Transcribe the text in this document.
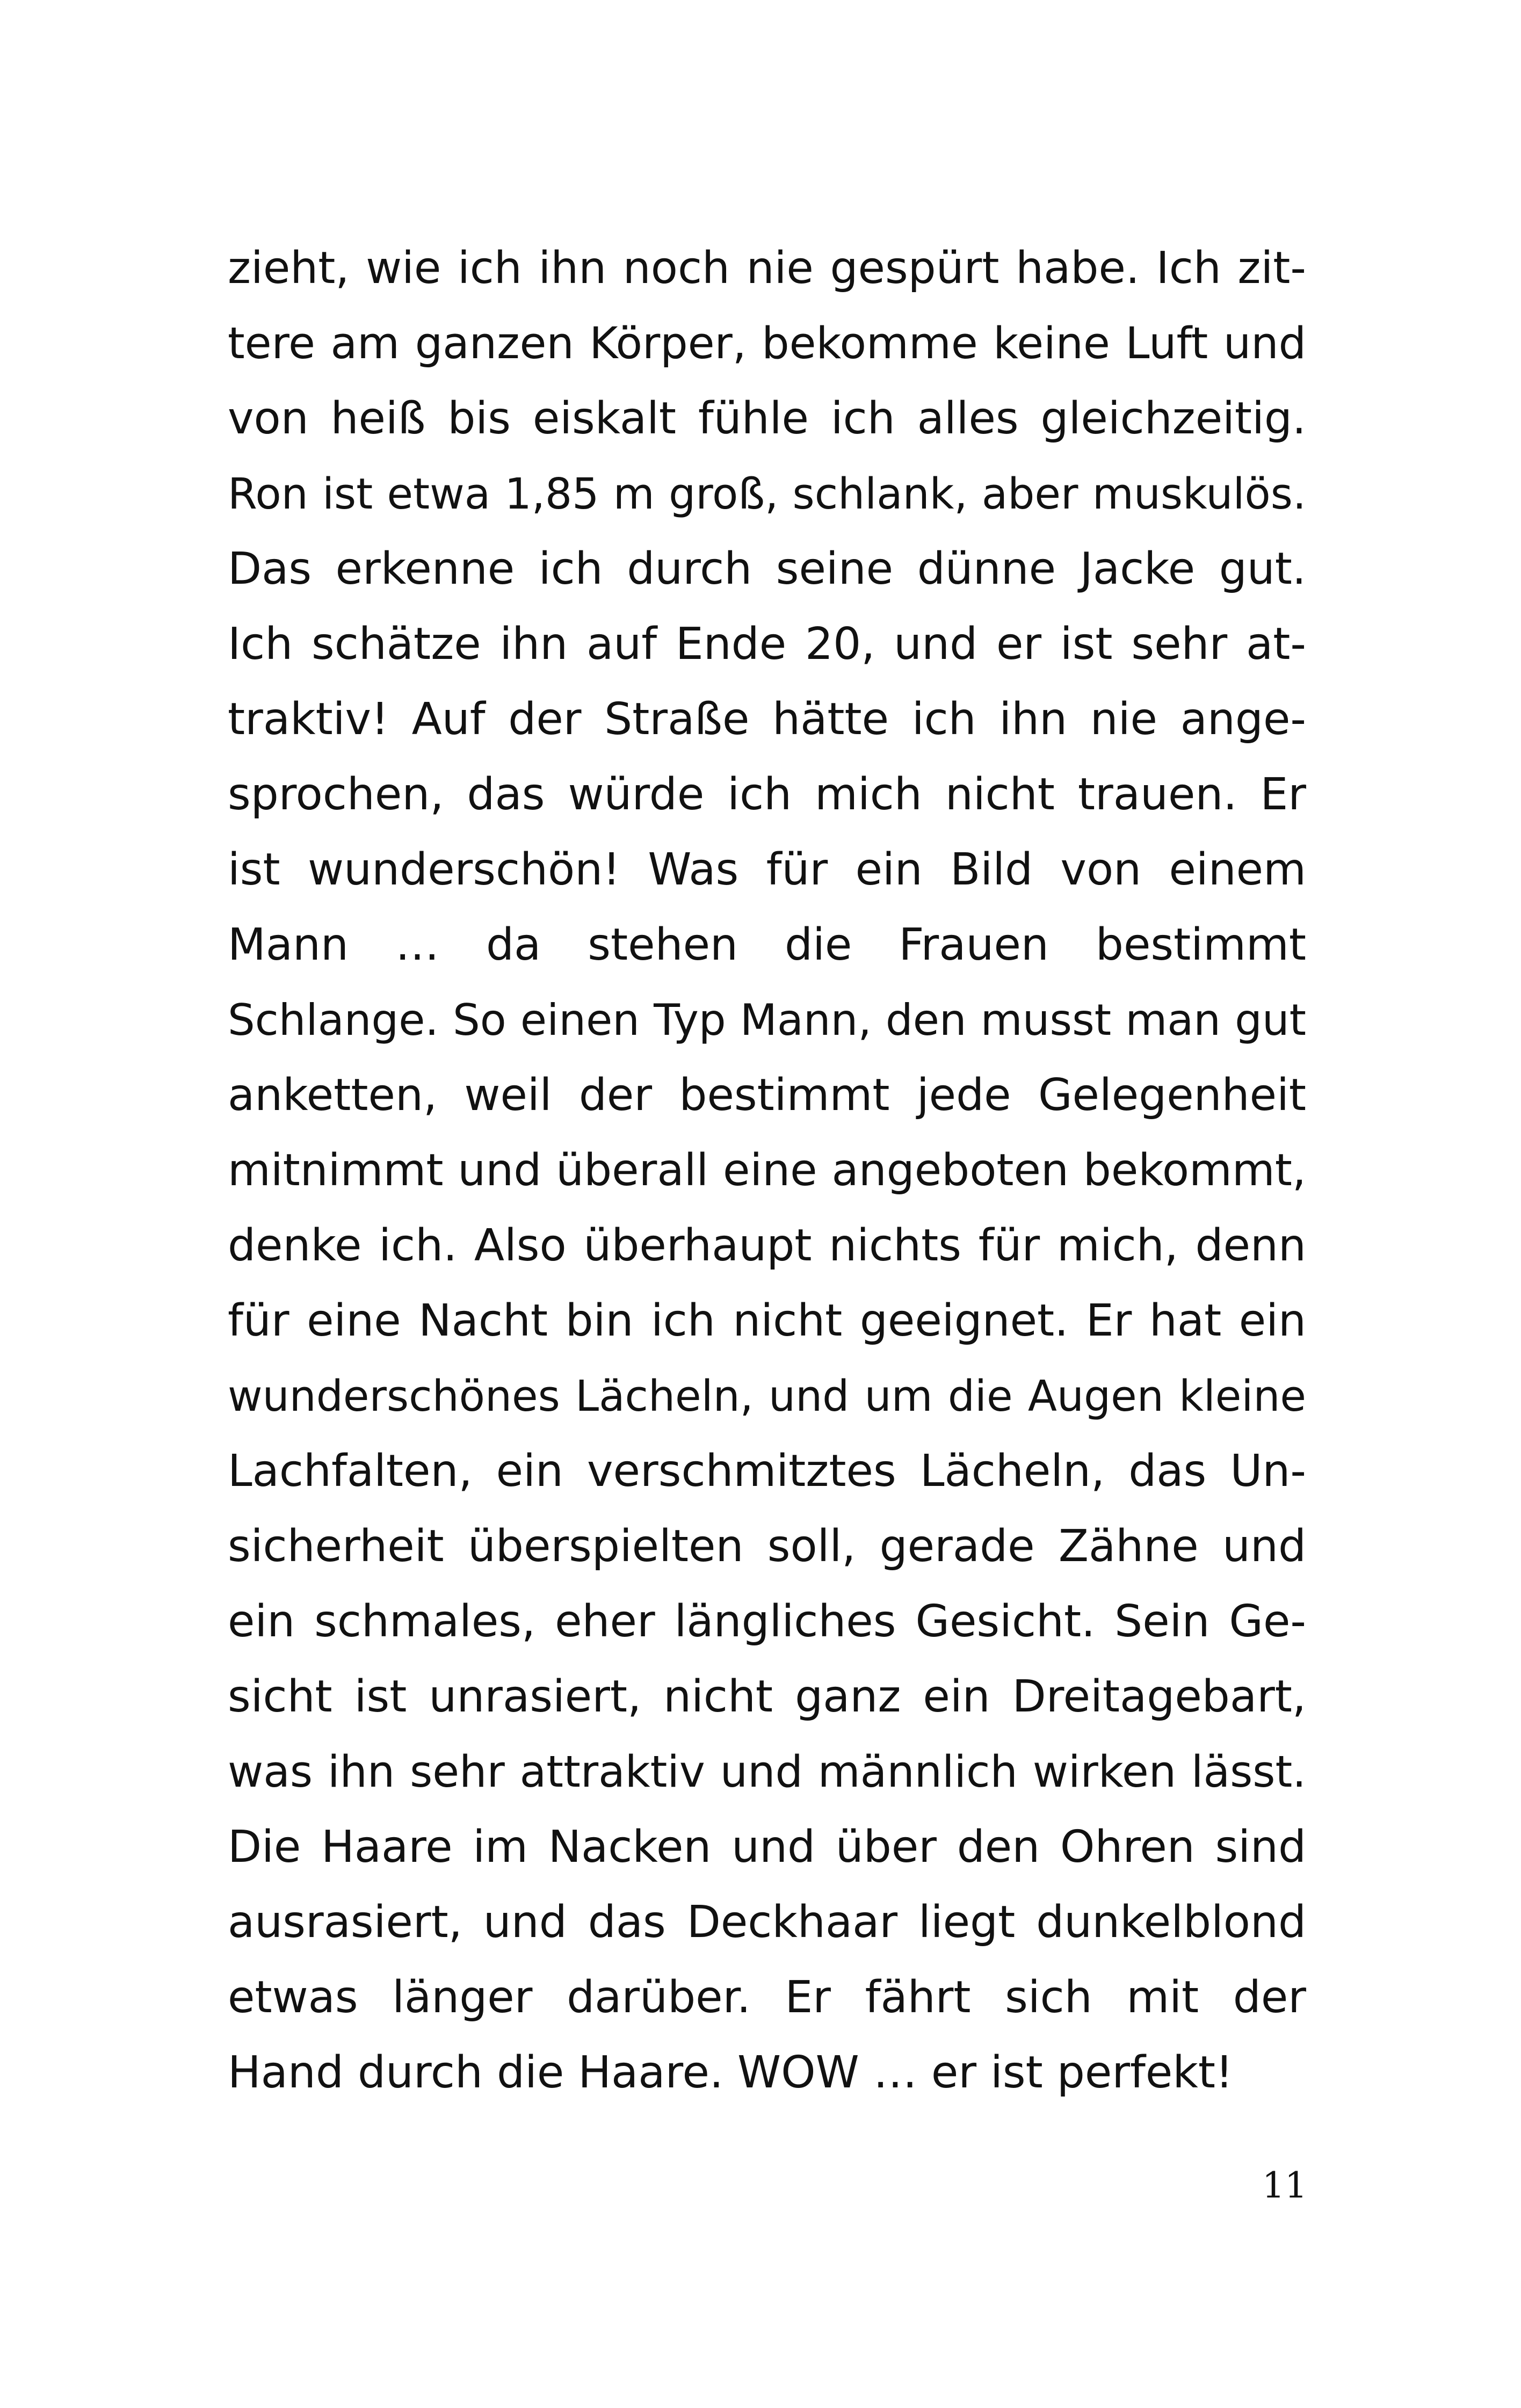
zieht, wie ich ihn noch nie gespürt habe. Ich zit-
tere am ganzen Körper, bekomme keine Luft und
von heiß bis eiskalt fühle ich alles gleichzeitig.
Ron ist etwa 1,85 m groß, schlank, aber muskulös.
Das erkenne ich durch seine dünne Jacke gut.
Ich schätze ihn auf Ende 20, und er ist sehr at-
traktiv! Auf der Straße hätte ich ihn nie ange-
sprochen, das würde ich mich nicht trauen. Er
ist wunderschön! Was für ein Bild von einem
Mann … da stehen die Frauen bestimmt
Schlange. So einen Typ Mann, den musst man gut
anketten, weil der bestimmt jede Gelegenheit
mitnimmt und überall eine angeboten bekommt,
denke ich. Also überhaupt nichts für mich, denn
für eine Nacht bin ich nicht geeignet. Er hat ein
wunderschönes Lächeln, und um die Augen kleine
Lachfalten, ein verschmitztes Lächeln, das Un-
sicherheit überspielten soll, gerade Zähne und
ein schmales, eher längliches Gesicht. Sein Ge-
sicht ist unrasiert, nicht ganz ein Dreitagebart,
was ihn sehr attraktiv und männlich wirken lässt.
Die Haare im Nacken und über den Ohren sind
ausrasiert, und das Deckhaar liegt dunkelblond
etwas länger darüber. Er fährt sich mit der
Hand durch die Haare. WOW … er ist perfekt!
11
